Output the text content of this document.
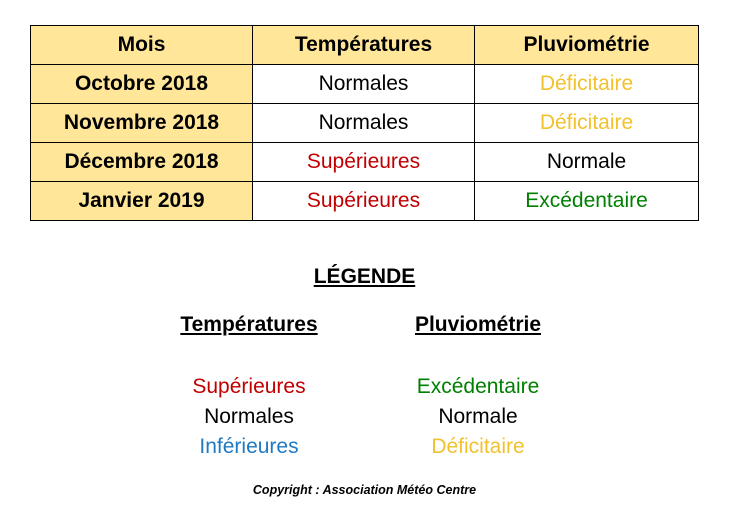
Mois	Températures	Pluviométrie
Octobre 2018	Normales	Déficitaire
Novembre 2018	Normales	Déficitaire
Décembre 2018	Supérieures	Normale
Janvier 2019	Supérieures	Excédentaire
LÉGENDE
Températures
Supérieures
Normales
Inférieures
Pluviométrie
Excédentaire
Normale
Déficitaire
Copyright : Association Météo Centre
